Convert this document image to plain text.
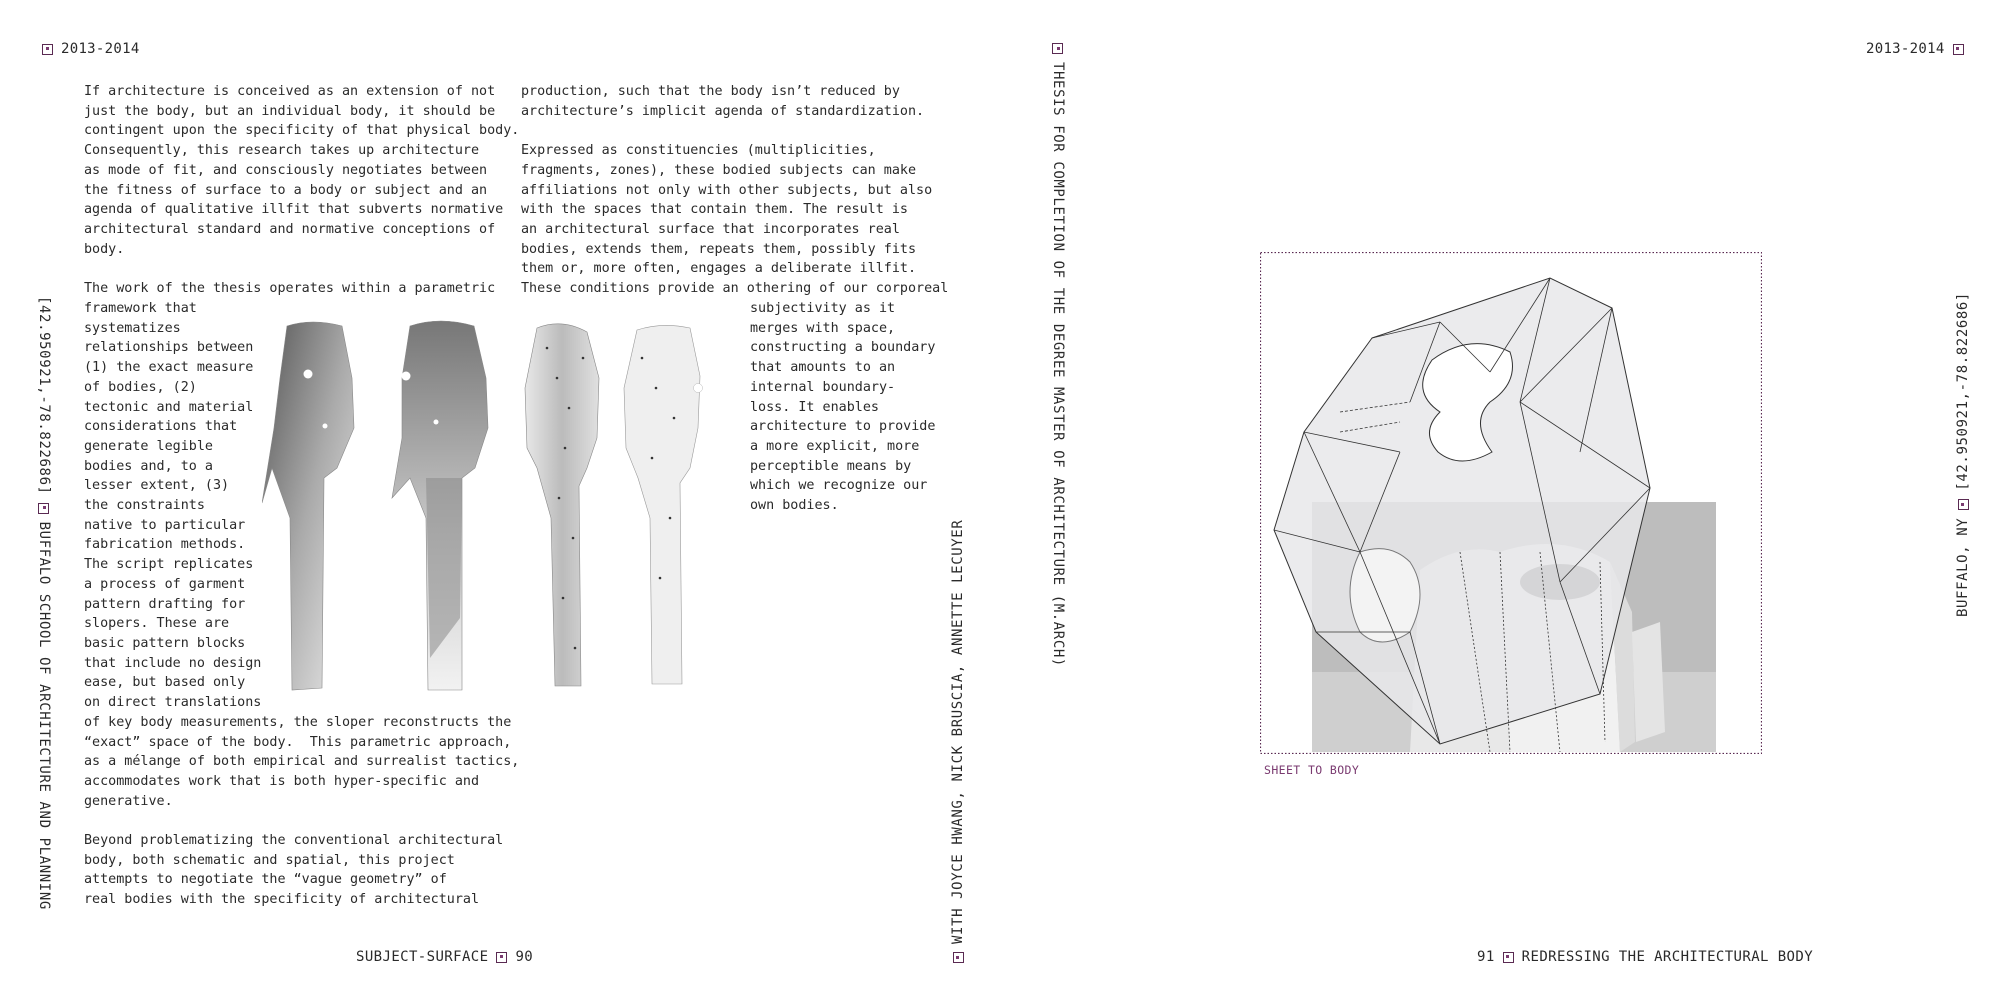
2013-2014
[42.950921,-78.822686]
BUFFALO SCHOOL OF ARCHITECTURE AND PLANNING
If architecture is conceived as an extension of not
just the body, but an individual body, it should be
contingent upon the specificity of that physical body.
Consequently, this research takes up architecture
as mode of fit, and consciously negotiates between
the fitness of surface to a body or subject and an
agenda of qualitative illfit that subverts normative
architectural standard and normative conceptions of
body.
The work of the thesis operates within a parametric
framework that
systematizes
relationships between
(1) the exact measure
of bodies, (2)
tectonic and material
considerations that
generate legible
bodies and, to a
lesser extent, (3)
the constraints
native to particular
fabrication methods.
The script replicates
a process of garment
pattern drafting for
slopers. These are
basic pattern blocks
that include no design
ease, but based only
on direct translations
of key body measurements, the sloper reconstructs the
“exact” space of the body.  This parametric approach,
as a mélange of both empirical and surrealist tactics,
accommodates work that is both hyper-specific and
generative.
Beyond problematizing the conventional architectural
body, both schematic and spatial, this project
attempts to negotiate the “vague geometry” of
real bodies with the specificity of architectural
production, such that the body isn’t reduced by
architecture’s implicit agenda of standardization.

Expressed as constituencies (multiplicities,
fragments, zones), these bodied subjects can make
affiliations not only with other subjects, but also
with the spaces that contain them. The result is
an architectural surface that incorporates real
bodies, extends them, repeats them, possibly fits
them or, more often, engages a deliberate illfit.
These conditions provide an othering of our corporeal
subjectivity as it
merges with space,
constructing a boundary
that amounts to an
internal boundary-
loss. It enables
architecture to provide
a more explicit, more
perceptible means by
which we recognize our
own bodies.
SUBJECT-SURFACE 90
WITH JOYCE HWANG, NICK BRUSCIA, ANNETTE LECUYER
THESIS FOR COMPLETION OF THE DEGREE MASTER OF ARCHITECTURE (M.ARCH)
2013-2014
BUFFALO, NY
[42.950921,-78.822686]
SHEET TO BODY
91 REDRESSING THE ARCHITECTURAL BODY
